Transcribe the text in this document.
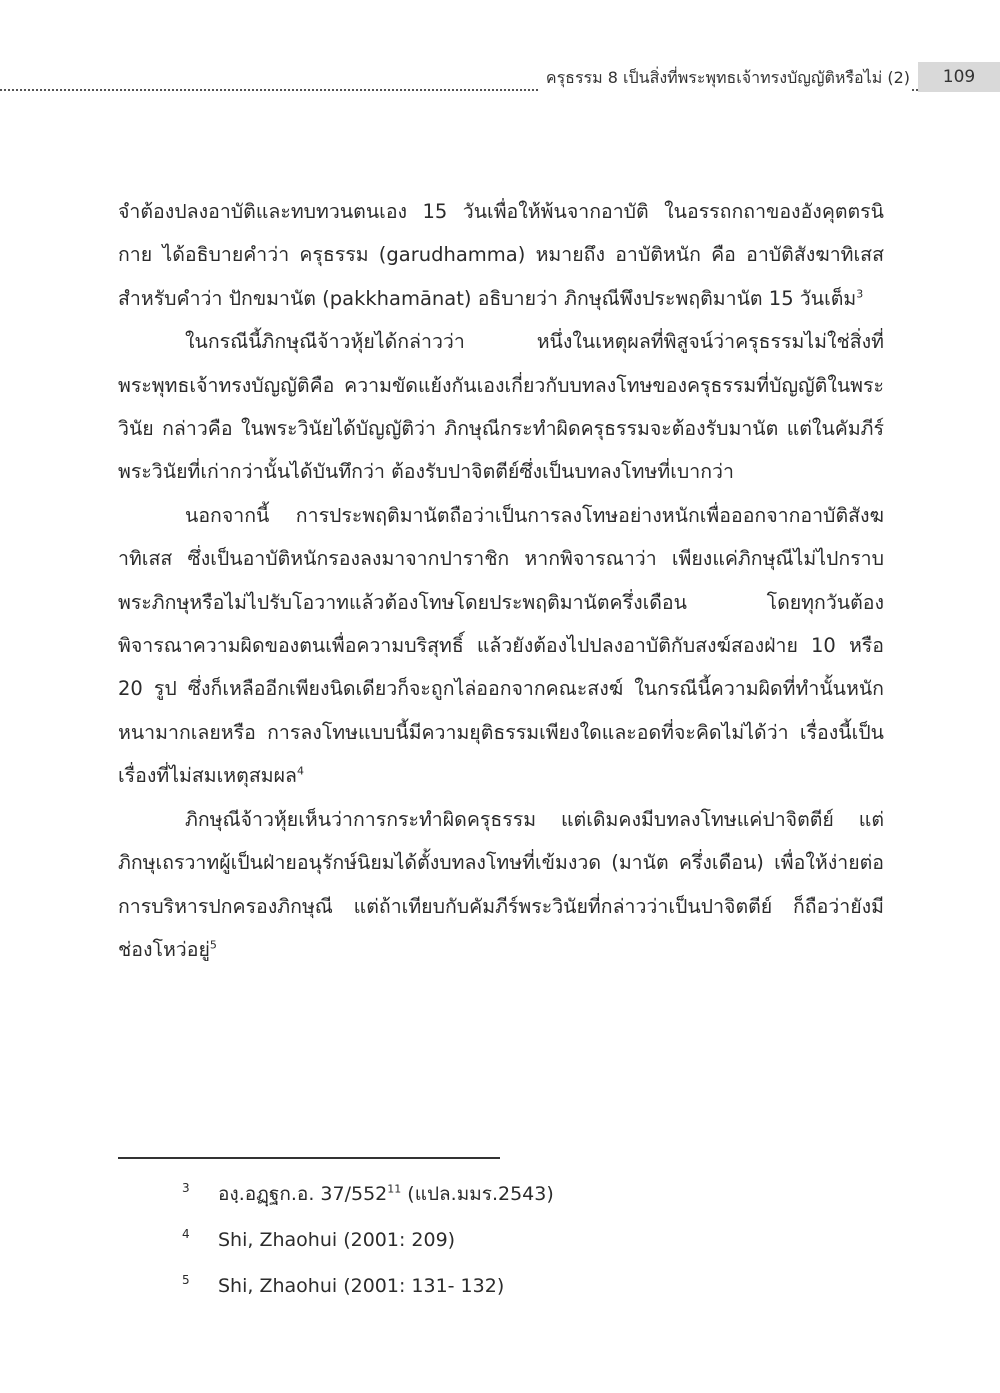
ครุธรรม 8 เป็นสิ่งที่พระพุทธเจ้าทรงบัญญัติหรือไม่ (2)	109

จำต้องปลงอาบัติและทบทวนตนเอง 15 วันเพื่อให้พ้นจากอาบัติ ในอรรถกถาของอังคุตตรนิกาย ได้อธิบายคำว่า ครุธรรม (garudhamma) หมายถึง อาบัติหนัก คือ อาบัติสังฆาทิเสส สำหรับคำว่า ปักขมานัต (pakkhamānat) อธิบายว่า ภิกษุณีพึงประพฤติมานัต 15 วันเต็ม$^3$

ในกรณีนี้ภิกษุณีจ้าวหุ้ยได้กล่าวว่า หนึ่งในเหตุผลที่พิสูจน์ว่าครุธรรมไม่ใช่สิ่งที่พระพุทธเจ้าทรงบัญญัติคือ ความขัดแย้งกันเองเกี่ยวกับบทลงโทษของครุธรรมที่บัญญัติในพระวินัย กล่าวคือ ในพระวินัยได้บัญญัติว่า ภิกษุณีกระทำผิดครุธรรมจะต้องรับมานัต แต่ในคัมภีร์พระวินัยที่เก่ากว่านั้นได้บันทึกว่า ต้องรับปาจิตตีย์ซึ่งเป็นบทลงโทษที่เบากว่า

นอกจากนี้ การประพฤติมานัตถือว่าเป็นการลงโทษอย่างหนักเพื่อออกจากอาบัติสังฆาทิเสส ซึ่งเป็นอาบัติหนักรองลงมาจากปาราชิก หากพิจารณาว่า เพียงแค่ภิกษุณีไม่ไปกราบพระภิกษุหรือไม่ไปรับโอวาทแล้วต้องโทษโดยประพฤติมานัตครึ่งเดือน โดยทุกวันต้องพิจารณาความผิดของตนเพื่อความบริสุทธิ์ แล้วยังต้องไปปลงอาบัติกับสงฆ์สองฝ่าย 10 หรือ 20 รูป ซึ่งก็เหลืออีกเพียงนิดเดียวก็จะถูกไล่ออกจากคณะสงฆ์ ในกรณีนี้ความผิดที่ทำนั้นหนักหนามากเลยหรือ การลงโทษแบบนี้มีความยุติธรรมเพียงใดและอดที่จะคิดไม่ได้ว่า เรื่องนี้เป็นเรื่องที่ไม่สมเหตุสมผล$^4$

ภิกษุณีจ้าวหุ้ยเห็นว่าการกระทำผิดครุธรรม แต่เดิมคงมีบทลงโทษแค่ปาจิตตีย์ แต่ภิกษุเถรวาทผู้เป็นฝ่ายอนุรักษ์นิยมได้ตั้งบทลงโทษที่เข้มงวด (มานัต ครึ่งเดือน) เพื่อให้ง่ายต่อการบริหารปกครองภิกษุณี แต่ถ้าเทียบกับคัมภีร์พระวินัยที่กล่าวว่าเป็นปาจิตตีย์ ก็ถือว่ายังมีช่องโหว่อยู่$^5$

3 องฺ.อฏฺฐก.อ. $37/552^{11}$ (แปล.มมร.2543)
4 Shi, Zhaohui (2001: 209)
5 Shi, Zhaohui (2001: 131- 132)
